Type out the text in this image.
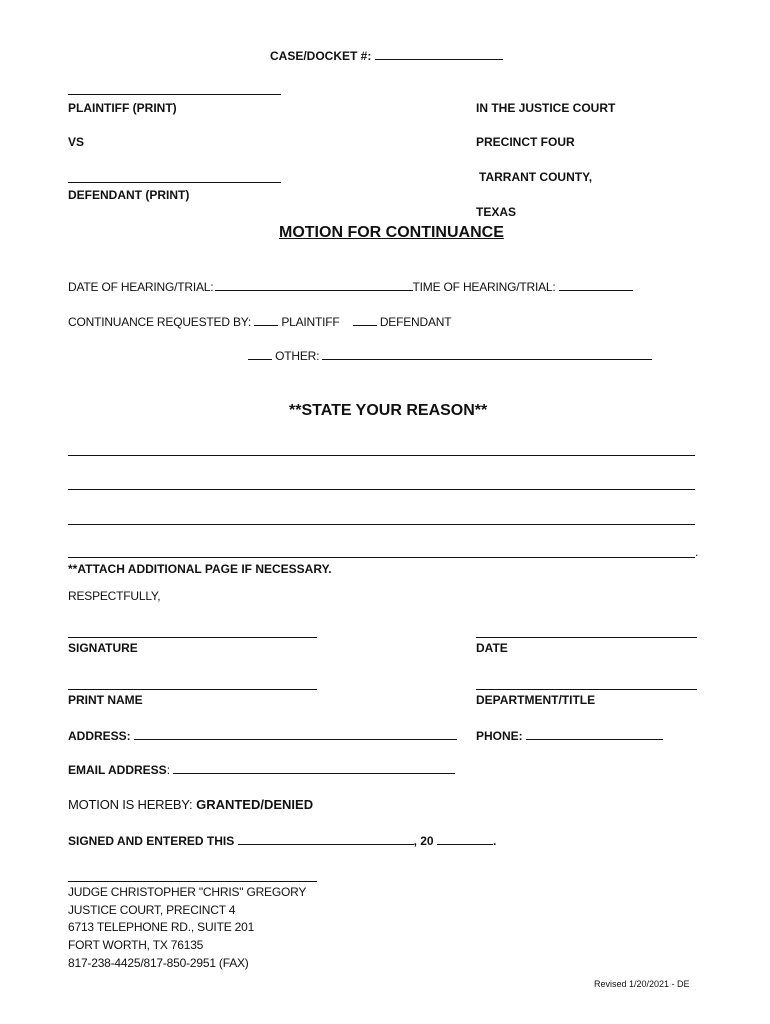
CASE/DOCKET #:
PLAINTIFF (PRINT)
VS
DEFENDANT (PRINT)
IN THE JUSTICE COURT
PRECINCT FOUR
TARRANT COUNTY,
TEXAS
MOTION FOR CONTINUANCE
DATE OF HEARING/TRIAL:	TIME OF HEARING/TRIAL:
CONTINUANCE REQUESTED BY:	PLAINTIFF	DEFENDANT
OTHER:
**STATE YOUR REASON**
.
**ATTACH ADDITIONAL PAGE IF NECESSARY.
RESPECTFULLY,
SIGNATURE	DATE
PRINT NAME	DEPARTMENT/TITLE
ADDRESS:	PHONE:
EMAIL ADDRESS:
MOTION IS HEREBY: GRANTED/DENIED
SIGNED AND ENTERED THIS	, 20	.
JUDGE CHRISTOPHER "CHRIS" GREGORY
JUSTICE COURT, PRECINCT 4
6713 TELEPHONE RD., SUITE 201
FORT WORTH, TX 76135
817-238-4425/817-850-2951 (FAX)
Revised 1/20/2021 - DE
